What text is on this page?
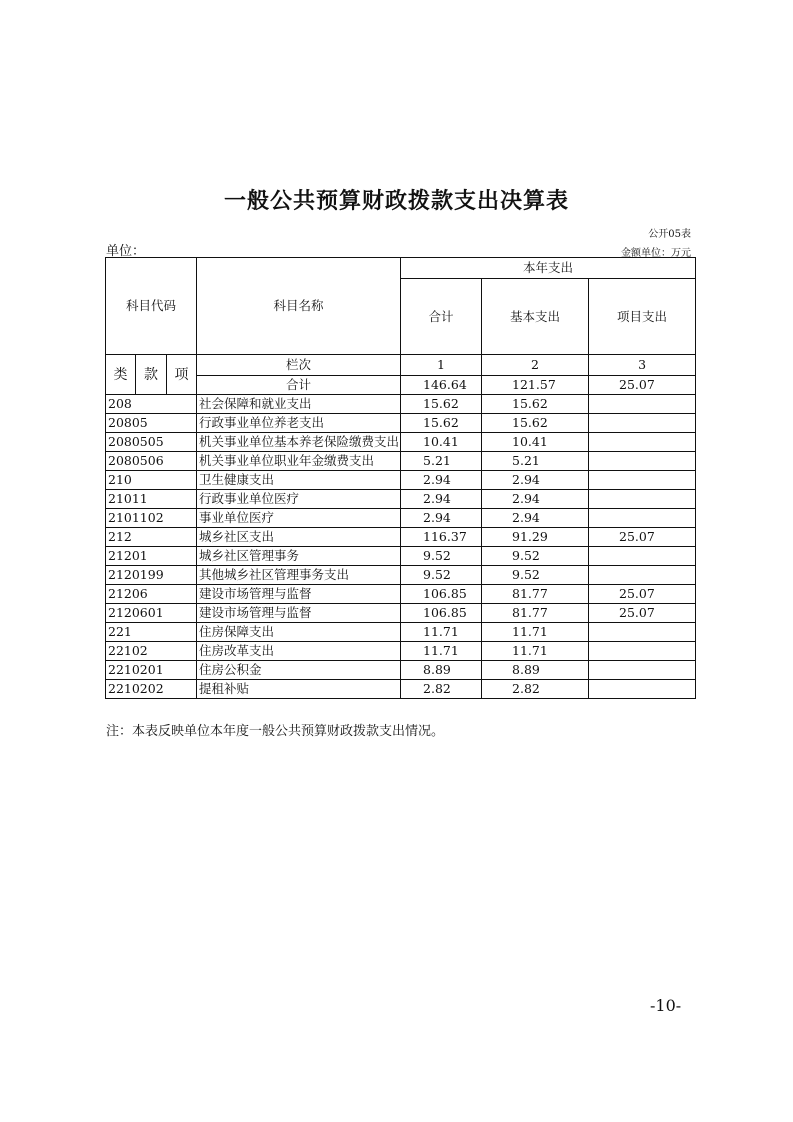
一般公共预算财政拨款支出决算表
公开05表
单位：	金额单位：万元
科目代码			科目名称	本年支出		
				合计	基本支出	项目支出
类	款	项	栏次	1	2	3
			合计	146.64	121.57	25.07
208			社会保障和就业支出	15.62	15.62	
20805			行政事业单位养老支出	15.62	15.62	
2080505			机关事业单位基本养老保险缴费支出	10.41	10.41	
2080506			机关事业单位职业年金缴费支出	5.21	5.21	
210			卫生健康支出	2.94	2.94	
21011			行政事业单位医疗	2.94	2.94	
2101102			事业单位医疗	2.94	2.94	
212			城乡社区支出	116.37	91.29	25.07
21201			城乡社区管理事务	9.52	9.52	
2120199			其他城乡社区管理事务支出	9.52	9.52	
21206			建设市场管理与监督	106.85	81.77	25.07
2120601			建设市场管理与监督	106.85	81.77	25.07
221			住房保障支出	11.71	11.71	
22102			住房改革支出	11.71	11.71	
2210201			住房公积金	8.89	8.89	
2210202			提租补贴	2.82	2.82	
注：本表反映单位本年度一般公共预算财政拨款支出情况。
-10-
